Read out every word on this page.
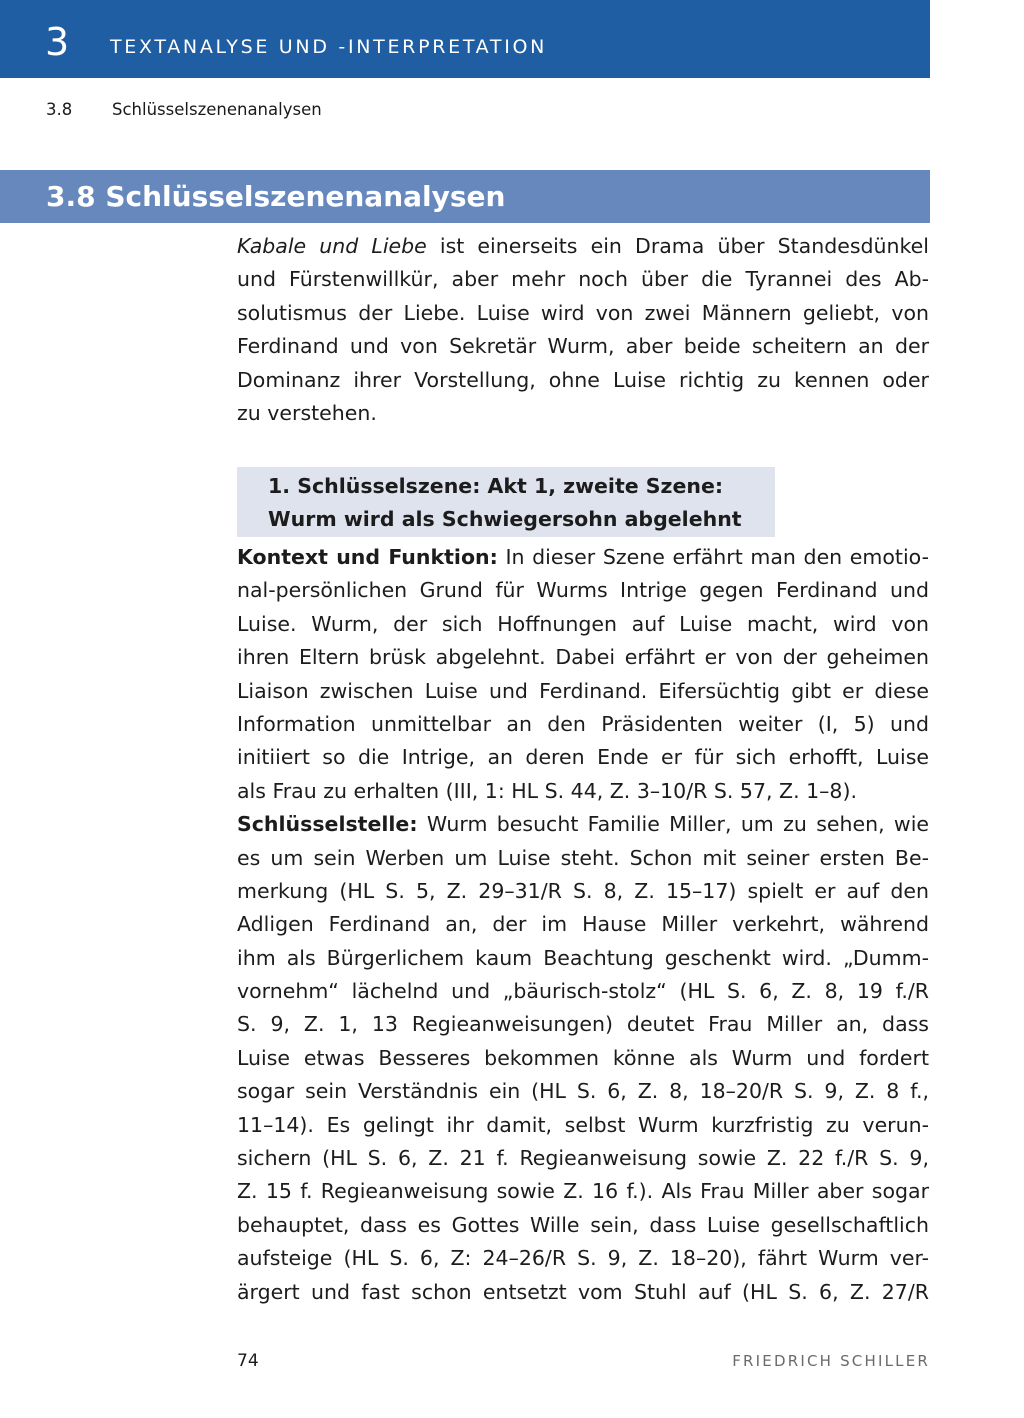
3 TEXTANALYSE UND -INTERPRETATION
3.8 Schlüsselszenenanalysen
3.8 Schlüsselszenenanalysen
Kabale und Liebe ist einerseits ein Drama über Standesdünkel
und Fürstenwillkür, aber mehr noch über die Tyrannei des Ab-
solutismus der Liebe. Luise wird von zwei Männern geliebt, von
Ferdinand und von Sekretär Wurm, aber beide scheitern an der
Dominanz ihrer Vorstellung, ohne Luise richtig zu kennen oder
zu verstehen.
1. Schlüsselszene: Akt 1, zweite Szene:
Wurm wird als Schwiegersohn abgelehnt
Kontext und Funktion: In dieser Szene erfährt man den emotio-
nal-persönlichen Grund für Wurms Intrige gegen Ferdinand und
Luise. Wurm, der sich Hoffnungen auf Luise macht, wird von
ihren Eltern brüsk abgelehnt. Dabei erfährt er von der geheimen
Liaison zwischen Luise und Ferdinand. Eifersüchtig gibt er diese
Information unmittelbar an den Präsidenten weiter (I, 5) und
initiiert so die Intrige, an deren Ende er für sich erhofft, Luise
als Frau zu erhalten (III, 1: HL S. 44, Z. 3–10/R S. 57, Z. 1–8).
Schlüsselstelle: Wurm besucht Familie Miller, um zu sehen, wie
es um sein Werben um Luise steht. Schon mit seiner ersten Be-
merkung (HL S. 5, Z. 29–31/R S. 8, Z. 15–17) spielt er auf den
Adligen Ferdinand an, der im Hause Miller verkehrt, während
ihm als Bürgerlichem kaum Beachtung geschenkt wird. „Dumm-
vornehm“ lächelnd und „bäurisch-stolz“ (HL S. 6, Z. 8, 19 f./R
S. 9, Z. 1, 13 Regieanweisungen) deutet Frau Miller an, dass
Luise etwas Besseres bekommen könne als Wurm und fordert
sogar sein Verständnis ein (HL S. 6, Z. 8, 18–20/R S. 9, Z. 8 f.,
11–14). Es gelingt ihr damit, selbst Wurm kurzfristig zu verun-
sichern (HL S. 6, Z. 21 f. Regieanweisung sowie Z. 22 f./R S. 9,
Z. 15 f. Regieanweisung sowie Z. 16 f.). Als Frau Miller aber sogar
behauptet, dass es Gottes Wille sein, dass Luise gesellschaftlich
aufsteige (HL S. 6, Z: 24–26/R S. 9, Z. 18–20), fährt Wurm ver-
ärgert und fast schon entsetzt vom Stuhl auf (HL S. 6, Z. 27/R
74	FRIEDRICH SCHILLER
